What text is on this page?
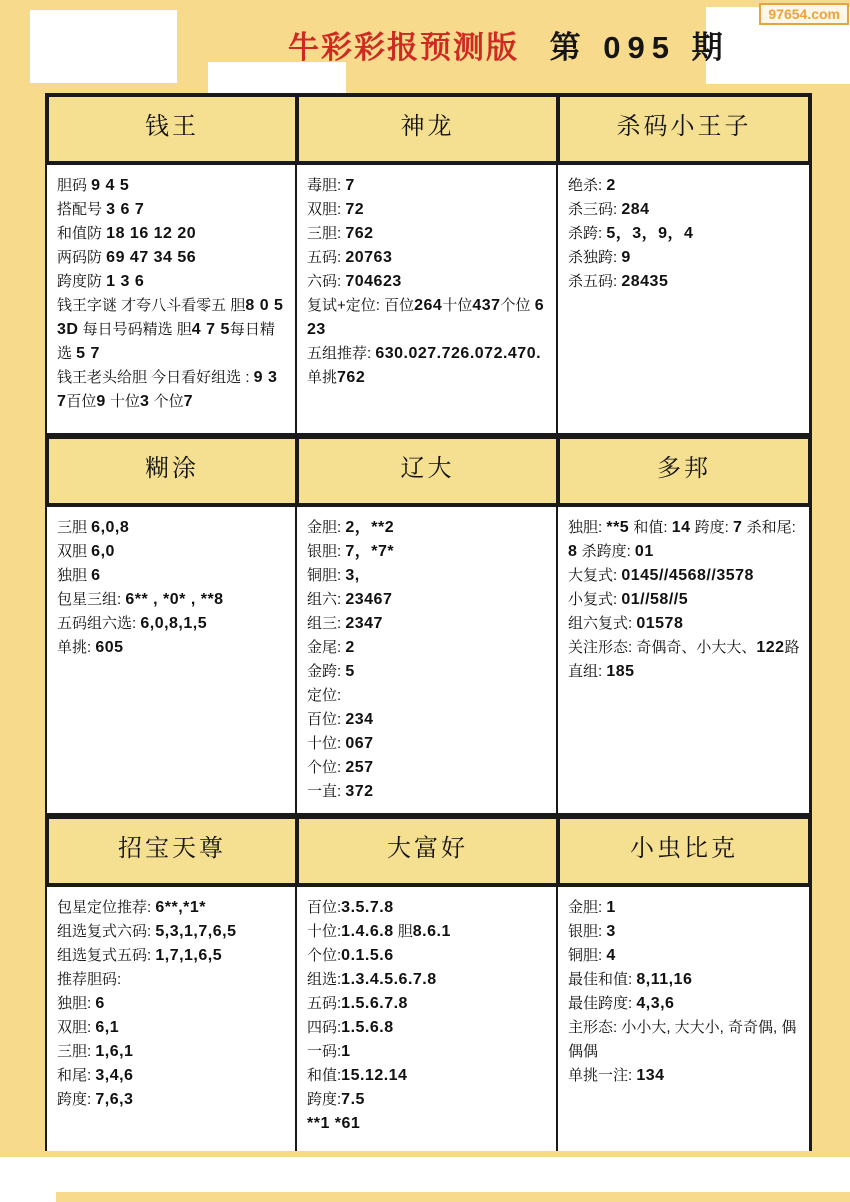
97654.com
牛彩彩报预测版 第 095 期
钱王	神龙	杀码小王子
胆码 9 4 5
搭配号 3 6 7
和值防 18 16 12 20
两码防 69 47 34 56
跨度防 1 3 6
钱王字谜 才夸八斗看零五 胆8 0 5
3D 每日号码精选 胆4 7 5每日精选 5 7
钱王老头给胆 今日看好组选 : 9 3 7百位9 十位3 个位7
毒胆: 7
双胆: 72
三胆: 762
五码: 20763
六码: 704623
复试+定位: 百位264十位437个位 623
五组推荐: 630.027.726.072.470.
单挑762
绝杀: 2
杀三码: 284
杀跨: 5，3，9，4
杀独跨: 9
杀五码: 28435
糊涂	辽大	多邦
三胆 6,0,8
双胆 6,0
独胆 6
包星三组: 6** , *0* , **8
五码组六选: 6,0,8,1,5
单挑: 605
金胆: 2，**2
银胆: 7，*7*
铜胆: 3,
组六: 23467
组三: 2347
金尾: 2
金跨: 5
定位:
百位: 234
十位: 067
个位: 257
一直: 372
独胆: **5 和值: 14 跨度: 7 杀和尾: 8 杀跨度: 01
大复式: 0145//4568//3578
小复式: 01//58//5
组六复式: 01578
关注形态: 奇偶奇、小大大、122路
直组: 185
招宝天尊	大富好	小虫比克
包星定位推荐: 6**,*1*
组选复式六码: 5,3,1,7,6,5
组选复式五码: 1,7,1,6,5
推荐胆码:
独胆: 6
双胆: 6,1
三胆: 1,6,1
和尾: 3,4,6
跨度: 7,6,3
百位:3.5.7.8
十位:1.4.6.8 胆8.6.1
个位:0.1.5.6
组选:1.3.4.5.6.7.8
五码:1.5.6.7.8
四码:1.5.6.8
一码:1
和值:15.12.14
跨度:7.5
**1 *61
金胆: 1
银胆: 3
铜胆: 4
最佳和值: 8,11,16
最佳跨度: 4,3,6
主形态: 小小大, 大大小, 奇奇偶, 偶偶偶
单挑一注: 134
